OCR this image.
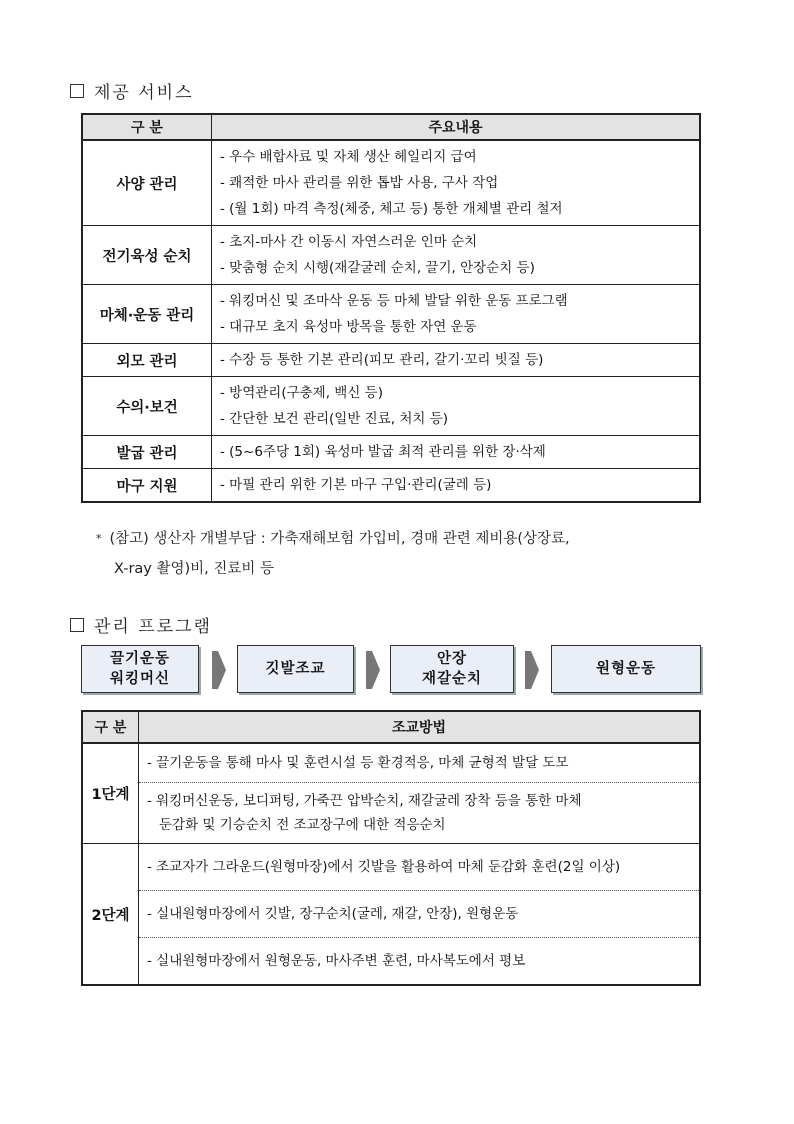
제공 서비스
구 분	주요내용
사양 관리	- 우수 배합사료 및 자체 생산 헤일리지 급여
- 쾌적한 마사 관리를 위한 톱밥 사용, 구사 작업
- (월 1회) 마격 측정(체중, 체고 등) 통한 개체별 관리 철저

전기육성 순치	- 초지-마사 간 이동시 자연스러운 인마 순치
- 맞춤형 순치 시행(재갈굴레 순치, 끌기, 안장순치 등)

마체·운동 관리	- 워킹머신 및 조마삭 운동 등 마체 발달 위한 운동 프로그램
- 대규모 초지 육성마 방목을 통한 자연 운동

외모 관리	- 수장 등 통한 기본 관리(피모 관리, 갈기·꼬리 빗질 등)

수의·보건	- 방역관리(구충제, 백신 등)
- 간단한 보건 관리(일반 진료, 처치 등)

발굽 관리	- (5~6주당 1회) 육성마 발굽 최적 관리를 위한 장·삭제

마구 지원	- 마필 관리 위한 기본 마구 구입·관리(굴레 등)
* (참고) 생산자 개별부담 : 가축재해보험 가입비, 경매 관련 제비용(상장료,
X-ray 촬영)비, 진료비 등
관리 프로그램
끌기운동
워킹머신
깃발조교
안장
재갈순치
원형운동
구 분	조교방법
1단계	- 끌기운동을 통해 마사 및 훈련시설 등 환경적응, 마체 균형적 발달 도모

	- 워킹머신운동, 보디퍼팅, 가죽끈 압박순치, 재갈굴레 장착 등을 통한 마체
둔감화 및 기승순치 전 조교장구에 대한 적응순치

2단계	- 조교자가 그라운드(원형마장)에서 깃발을 활용하여 마체 둔감화 훈련(2일 이상)
	- 실내원형마장에서 깃발, 장구순치(굴레, 재갈, 안장), 원형운동
	- 실내원형마장에서 원형운동, 마사주변 훈련, 마사복도에서 평보
